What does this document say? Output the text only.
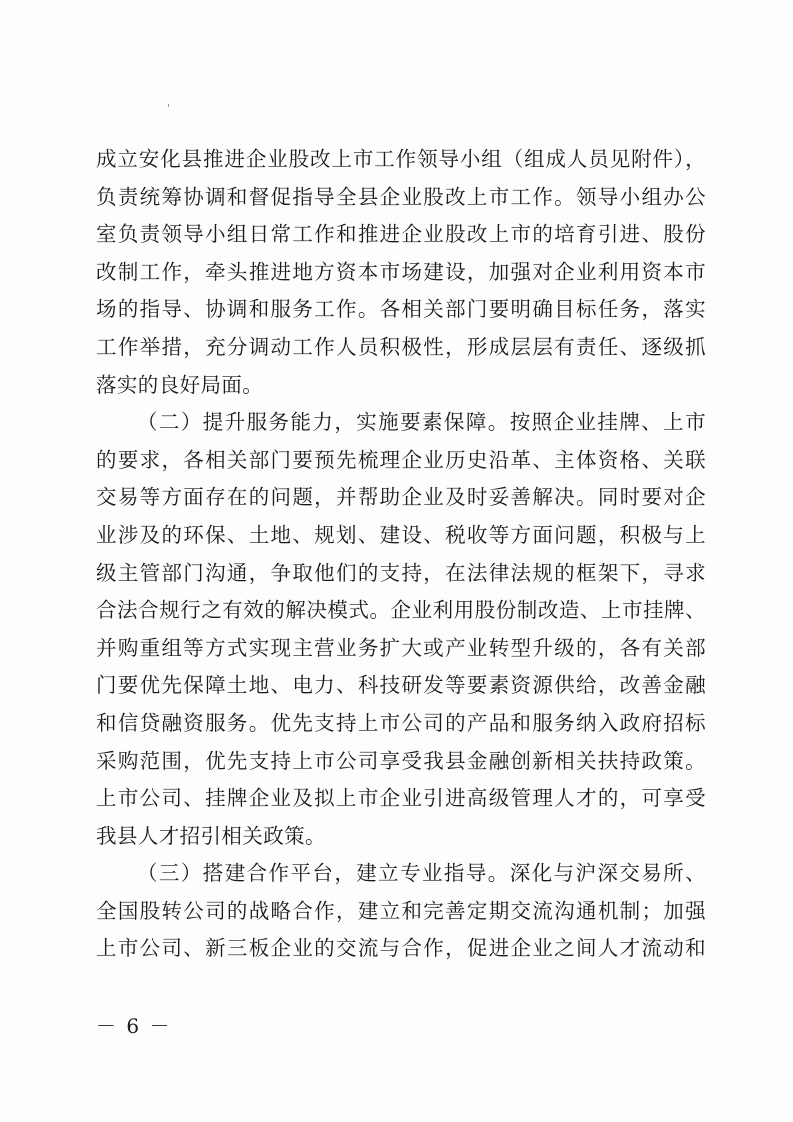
成立安化县推进企业股改上市工作领导小组（组成人员见附件），
负责统筹协调和督促指导全县企业股改上市工作。领导小组办公
室负责领导小组日常工作和推进企业股改上市的培育引进、股份
改制工作，牵头推进地方资本市场建设，加强对企业利用资本市
场的指导、协调和服务工作。各相关部门要明确目标任务，落实
工作举措，充分调动工作人员积极性，形成层层有责任、逐级抓
落实的良好局面。
（二）提升服务能力，实施要素保障。按照企业挂牌、上市
的要求，各相关部门要预先梳理企业历史沿革、主体资格、关联
交易等方面存在的问题，并帮助企业及时妥善解决。同时要对企
业涉及的环保、土地、规划、建设、税收等方面问题，积极与上
级主管部门沟通，争取他们的支持，在法律法规的框架下，寻求
合法合规行之有效的解决模式。企业利用股份制改造、上市挂牌、
并购重组等方式实现主营业务扩大或产业转型升级的，各有关部
门要优先保障土地、电力、科技研发等要素资源供给，改善金融
和信贷融资服务。优先支持上市公司的产品和服务纳入政府招标
采购范围，优先支持上市公司享受我县金融创新相关扶持政策。
上市公司、挂牌企业及拟上市企业引进高级管理人才的，可享受
我县人才招引相关政策。
（三）搭建合作平台，建立专业指导。深化与沪深交易所、
全国股转公司的战略合作，建立和完善定期交流沟通机制；加强
上市公司、新三板企业的交流与合作，促进企业之间人才流动和
－ 6 －
